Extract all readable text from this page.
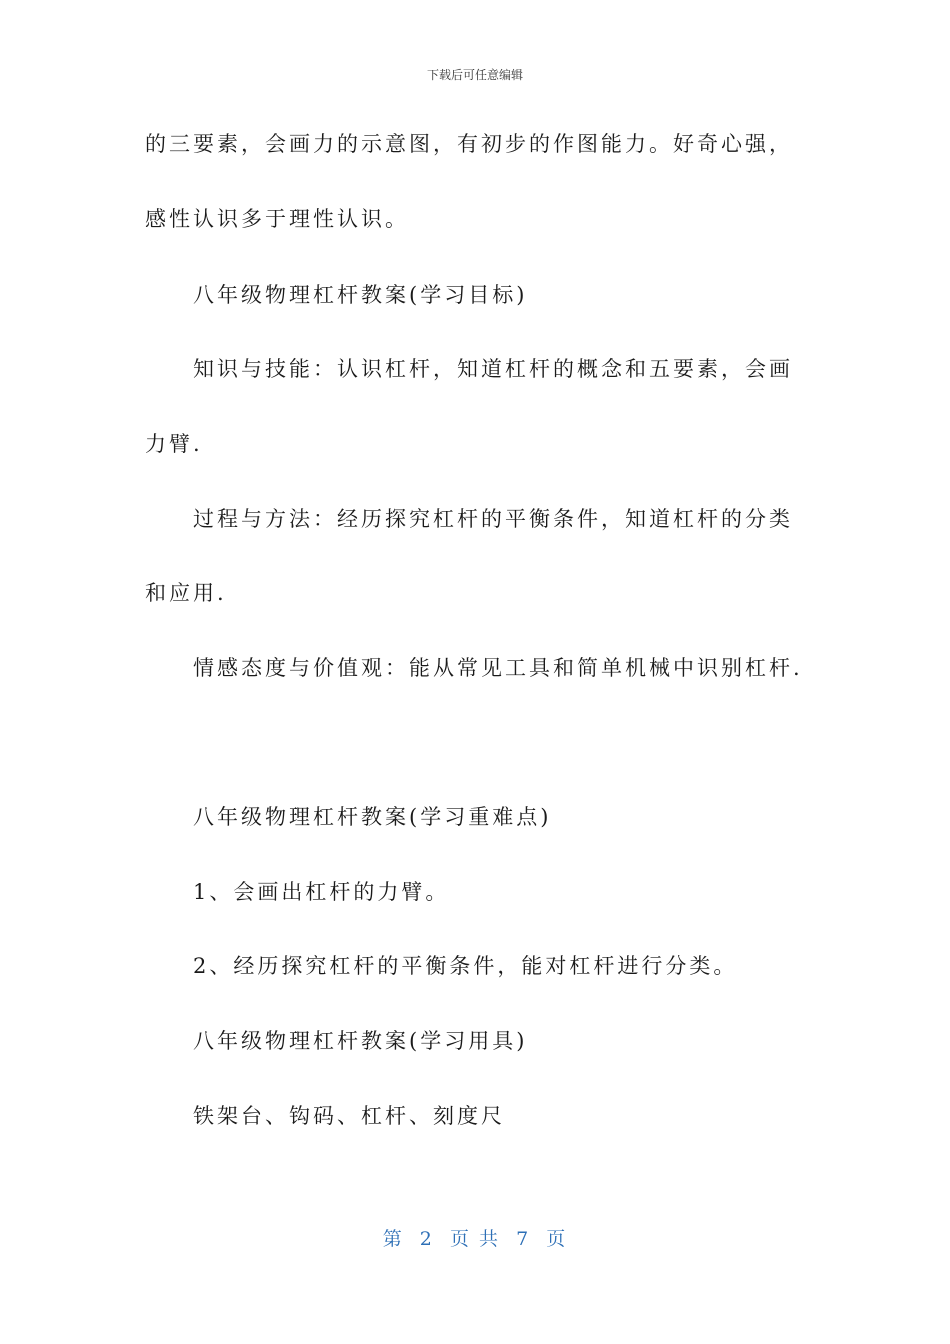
下载后可任意编辑
的三要素，会画力的示意图，有初步的作图能力。好奇心强，
感性认识多于理性认识。
八年级物理杠杆教案(学习目标)
知识与技能：认识杠杆，知道杠杆的概念和五要素，会画
力臂.
过程与方法：经历探究杠杆的平衡条件，知道杠杆的分类
和应用.
情感态度与价值观：能从常见工具和简单机械中识别杠杆.
八年级物理杠杆教案(学习重难点)
1、会画出杠杆的力臂。
2、经历探究杠杆的平衡条件，能对杠杆进行分类。
八年级物理杠杆教案(学习用具)
铁架台、钩码、杠杆、刻度尺
第  2  页 共  7  页
